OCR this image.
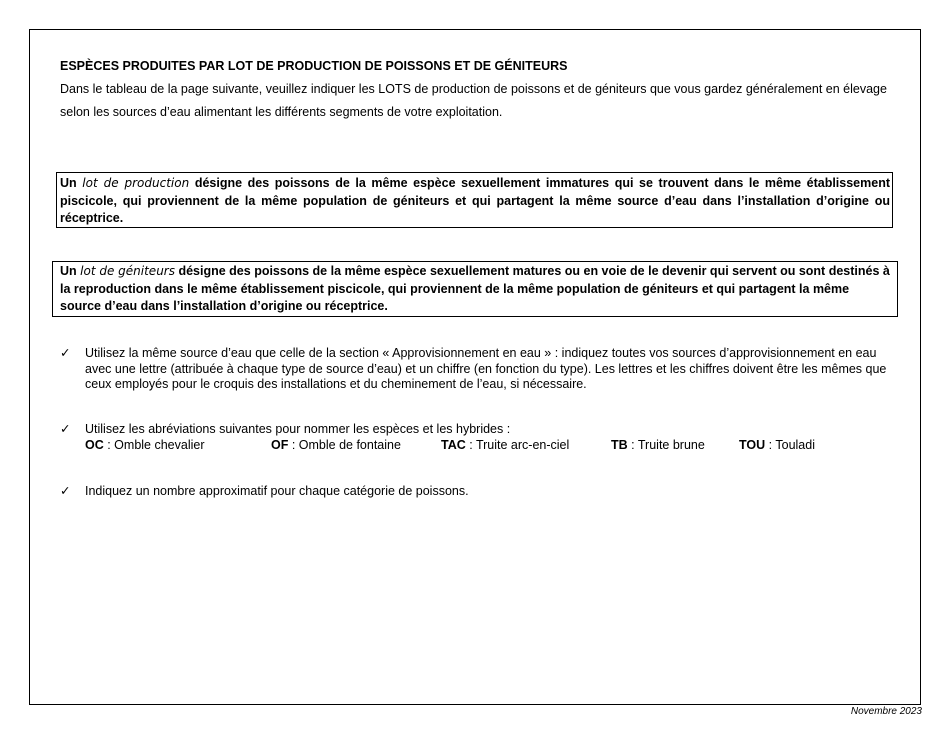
ESPÈCES PRODUITES PAR LOT DE PRODUCTION DE POISSONS ET DE GÉNITEURS
Dans le tableau de la page suivante, veuillez indiquer les LOTS de production de poissons et de géniteurs que vous gardez généralement en élevage selon les sources d’eau alimentant les différents segments de votre exploitation.
Un lot de production désigne des poissons de la même espèce sexuellement immatures qui se trouvent dans le même établissement piscicole, qui proviennent de la même population de géniteurs et qui partagent la même source d’eau dans l’installation d’origine ou réceptrice.
Un lot de géniteurs désigne des poissons de la même espèce sexuellement matures ou en voie de le devenir qui servent ou sont destinés à la reproduction dans le même établissement piscicole, qui proviennent de la même population de géniteurs et qui partagent la même source d’eau dans l’installation d’origine ou réceptrice.
✓ Utilisez la même source d’eau que celle de la section « Approvisionnement en eau » : indiquez toutes vos sources d’approvisionnement en eau avec une lettre (attribuée à chaque type de source d’eau) et un chiffre (en fonction du type). Les lettres et les chiffres doivent être les mêmes que ceux employés pour le croquis des installations et du cheminement de l’eau, si nécessaire.
✓ Utilisez les abréviations suivantes pour nommer les espèces et les hybrides :
OC : Omble chevalier	OF : Omble de fontaine	TAC : Truite arc-en-ciel	TB : Truite brune	TOU : Touladi
✓ Indiquez un nombre approximatif pour chaque catégorie de poissons.
Novembre 2023
